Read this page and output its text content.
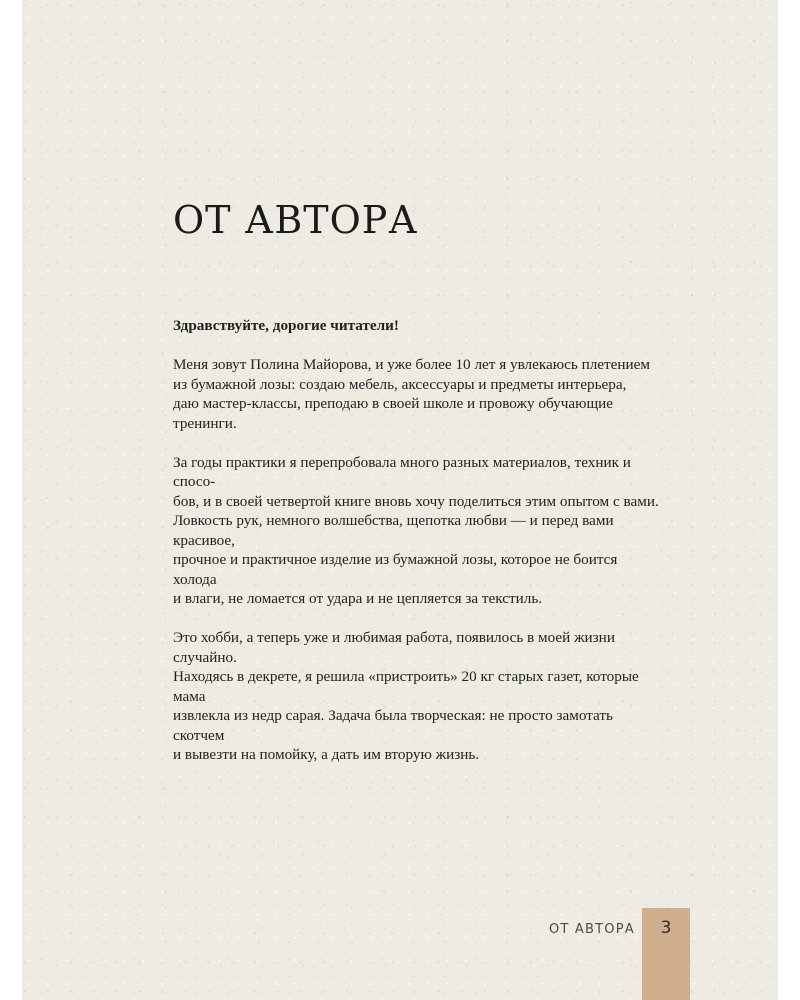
ОТ АВТОРА

Здравствуйте, дорогие читатели!

Меня зовут Полина Майорова, и уже более 10 лет я увлекаюсь плетением
из бумажной лозы: создаю мебель, аксессуары и предметы интерьера,
даю мастер-классы, преподаю в своей школе и провожу обучающие
тренинги.

За годы практики я перепробовала много разных материалов, техник и спосо-
бов, и в своей четвертой книге вновь хочу поделиться этим опытом с вами.
Ловкость рук, немного волшебства, щепотка любви — и перед вами красивое,
прочное и практичное изделие из бумажной лозы, которое не боится холода
и влаги, не ломается от удара и не цепляется за текстиль.

Это хобби, а теперь уже и любимая работа, появилось в моей жизни случайно.
Находясь в декрете, я решила «пристроить» 20 кг старых газет, которые мама
извлекла из недр сарая. Задача была творческая: не просто замотать скотчем
и вывезти на помойку, а дать им вторую жизнь.

ОТ АВТОРА	3
